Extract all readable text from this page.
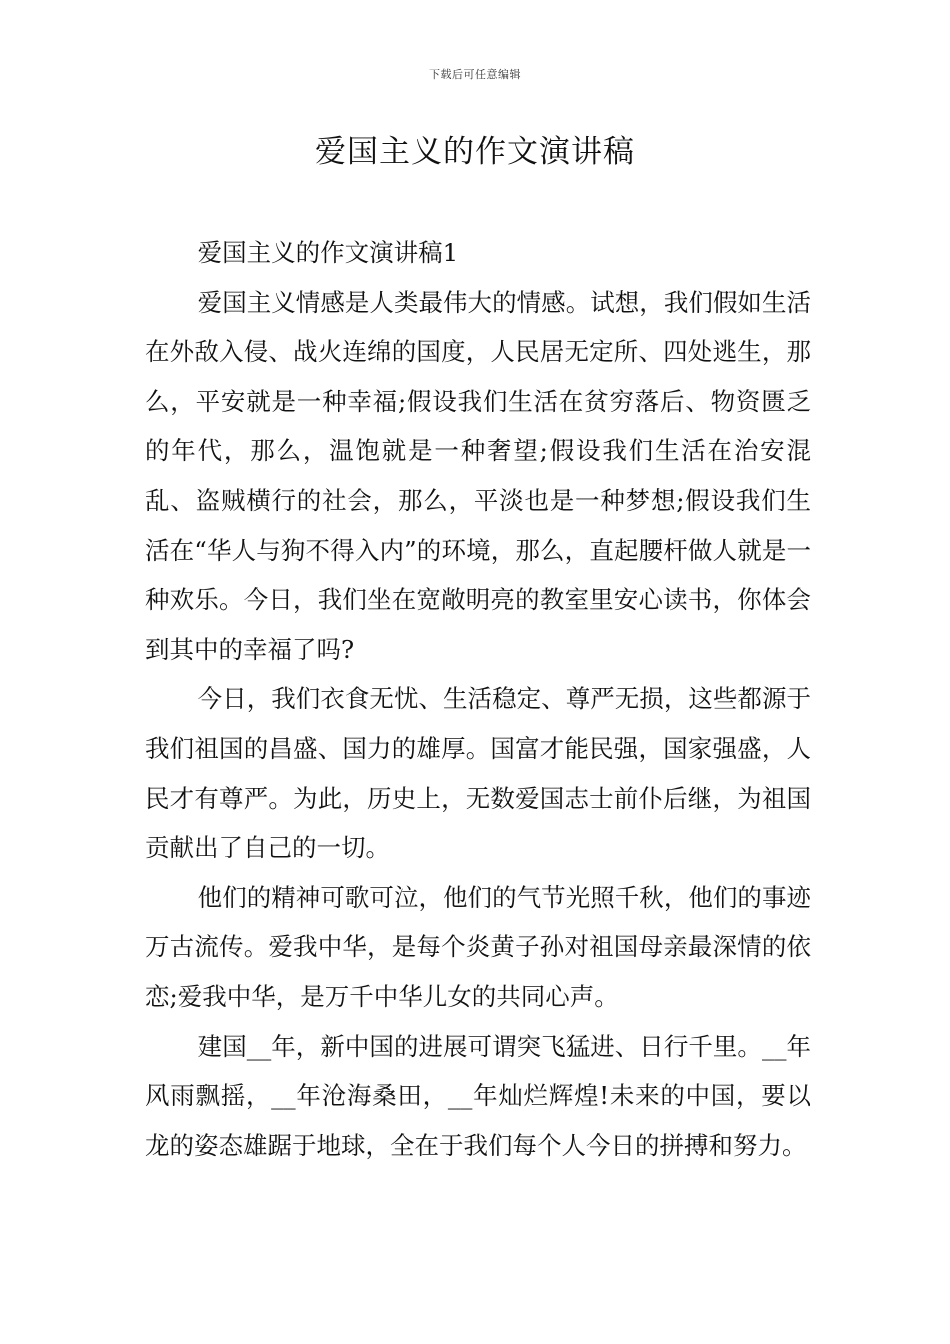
下载后可任意编辑
爱国主义的作文演讲稿

爱国主义的作文演讲稿1

爱国主义情感是人类最伟大的情感。试想，我们假如生活在外敌入侵、战火连绵的国度，人民居无定所、四处逃生，那么，平安就是一种幸福;假设我们生活在贫穷落后、物资匮乏的年代，那么，温饱就是一种奢望;假设我们生活在治安混乱、盗贼横行的社会，那么，平淡也是一种梦想;假设我们生活在“华人与狗不得入内”的环境，那么，直起腰杆做人就是一种欢乐。今日，我们坐在宽敞明亮的教室里安心读书，你体会到其中的幸福了吗?

今日，我们衣食无忧、生活稳定、尊严无损，这些都源于我们祖国的昌盛、国力的雄厚。国富才能民强，国家强盛，人民才有尊严。为此，历史上，无数爱国志士前仆后继，为祖国贡献出了自己的一切。

他们的精神可歌可泣，他们的气节光照千秋，他们的事迹万古流传。爱我中华，是每个炎黄子孙对祖国母亲最深情的依恋;爱我中华，是万千中华儿女的共同心声。

建国__年，新中国的进展可谓突飞猛进、日行千里。__年风雨飘摇，__年沧海桑田，__年灿烂辉煌!未来的中国，要以龙的姿态雄踞于地球，全在于我们每个人今日的拼搏和努力。
